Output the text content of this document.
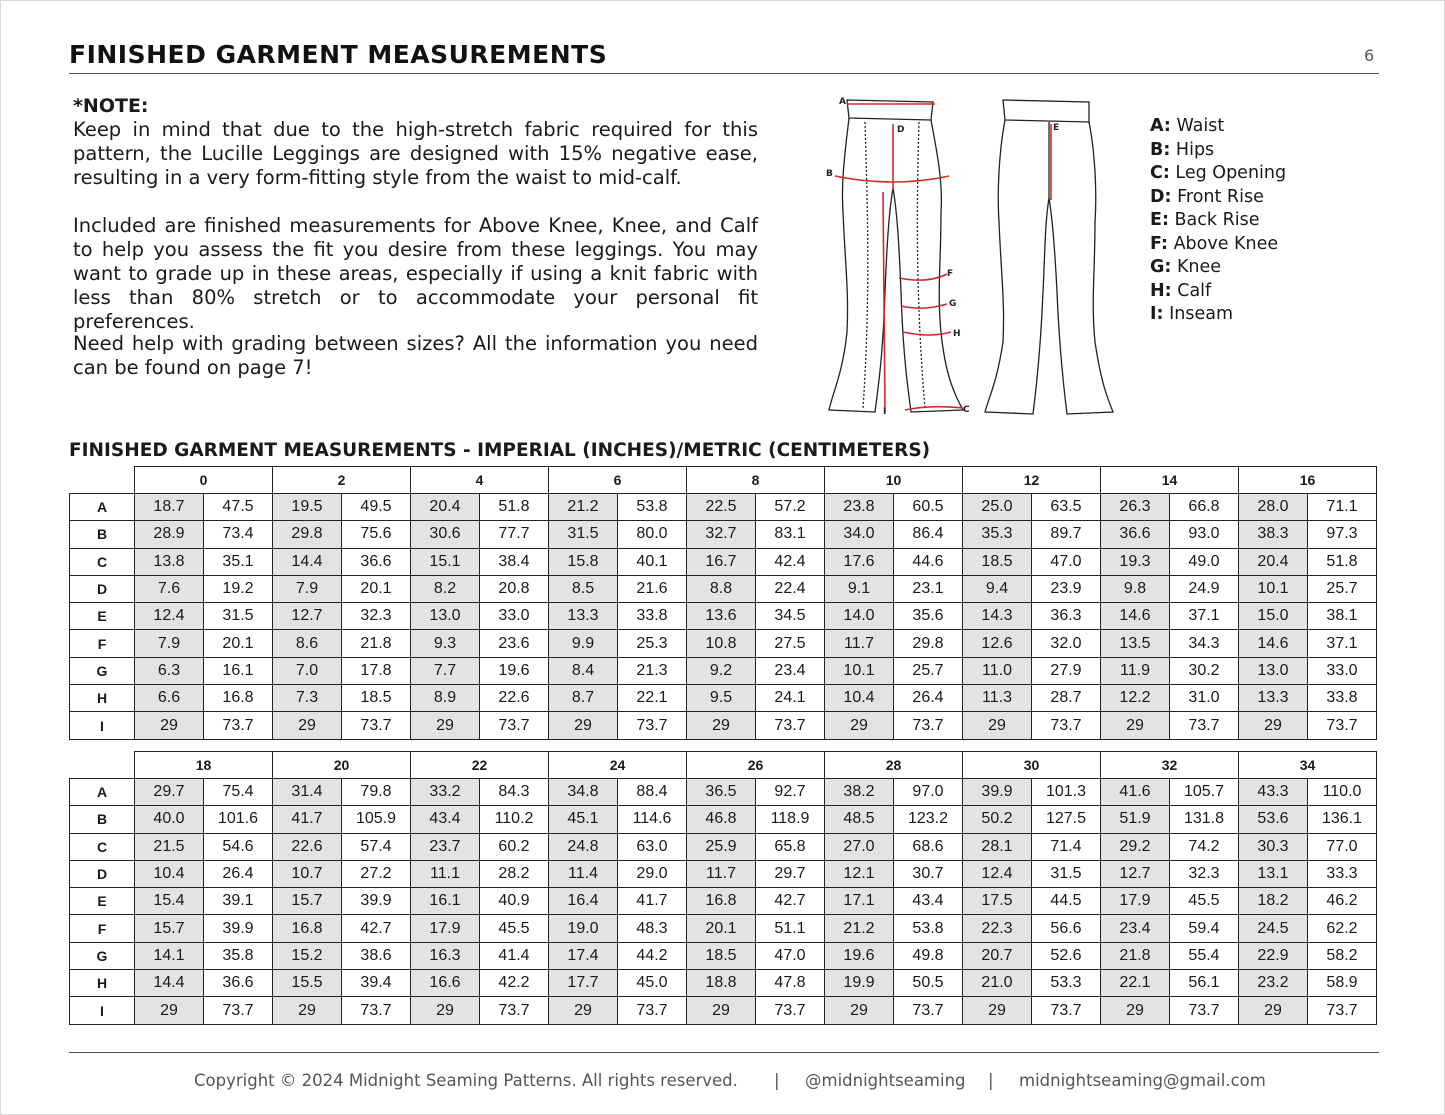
FINISHED GARMENT MEASUREMENTS	6
*NOTE:
Keep in mind that due to the high-stretch fabric required for this pattern, the Lucille Leggings are designed with 15% negative ease, resulting in a very form-fitting style from the waist to mid-calf.
Included are finished measurements for Above Knee, Knee, and Calf to help you assess the fit you desire from these leggings. You may want to grade up in these areas, especially if using a knit fabric with less than 80% stretch or to accommodate your personal fit preferences.
Need help with grading between sizes? All the information you need can be found on page 7!
A
B
C
D	E
F
G
H
I
A: Waist
B: Hips
C: Leg Opening
D: Front Rise
E: Back Rise
F: Above Knee
G: Knee
H: Calf
I: Inseam
FINISHED GARMENT MEASUREMENTS - IMPERIAL (INCHES)/METRIC (CENTIMETERS)
	0		2		4		6		8		10		12		14		16	
A	18.7	47.5	19.5	49.5	20.4	51.8	21.2	53.8	22.5	57.2	23.8	60.5	25.0	63.5	26.3	66.8	28.0	71.1
B	28.9	73.4	29.8	75.6	30.6	77.7	31.5	80.0	32.7	83.1	34.0	86.4	35.3	89.7	36.6	93.0	38.3	97.3
C	13.8	35.1	14.4	36.6	15.1	38.4	15.8	40.1	16.7	42.4	17.6	44.6	18.5	47.0	19.3	49.0	20.4	51.8
D	7.6	19.2	7.9	20.1	8.2	20.8	8.5	21.6	8.8	22.4	9.1	23.1	9.4	23.9	9.8	24.9	10.1	25.7
E	12.4	31.5	12.7	32.3	13.0	33.0	13.3	33.8	13.6	34.5	14.0	35.6	14.3	36.3	14.6	37.1	15.0	38.1
F	7.9	20.1	8.6	21.8	9.3	23.6	9.9	25.3	10.8	27.5	11.7	29.8	12.6	32.0	13.5	34.3	14.6	37.1
G	6.3	16.1	7.0	17.8	7.7	19.6	8.4	21.3	9.2	23.4	10.1	25.7	11.0	27.9	11.9	30.2	13.0	33.0
H	6.6	16.8	7.3	18.5	8.9	22.6	8.7	22.1	9.5	24.1	10.4	26.4	11.3	28.7	12.2	31.0	13.3	33.8
I	29	73.7	29	73.7	29	73.7	29	73.7	29	73.7	29	73.7	29	73.7	29	73.7	29	73.7
	18		20		22		24		26		28		30		32		34	
A	29.7	75.4	31.4	79.8	33.2	84.3	34.8	88.4	36.5	92.7	38.2	97.0	39.9	101.3	41.6	105.7	43.3	110.0
B	40.0	101.6	41.7	105.9	43.4	110.2	45.1	114.6	46.8	118.9	48.5	123.2	50.2	127.5	51.9	131.8	53.6	136.1
C	21.5	54.6	22.6	57.4	23.7	60.2	24.8	63.0	25.9	65.8	27.0	68.6	28.1	71.4	29.2	74.2	30.3	77.0
D	10.4	26.4	10.7	27.2	11.1	28.2	11.4	29.0	11.7	29.7	12.1	30.7	12.4	31.5	12.7	32.3	13.1	33.3
E	15.4	39.1	15.7	39.9	16.1	40.9	16.4	41.7	16.8	42.7	17.1	43.4	17.5	44.5	17.9	45.5	18.2	46.2
F	15.7	39.9	16.8	42.7	17.9	45.5	19.0	48.3	20.1	51.1	21.2	53.8	22.3	56.6	23.4	59.4	24.5	62.2
G	14.1	35.8	15.2	38.6	16.3	41.4	17.4	44.2	18.5	47.0	19.6	49.8	20.7	52.6	21.8	55.4	22.9	58.2
H	14.4	36.6	15.5	39.4	16.6	42.2	17.7	45.0	18.8	47.8	19.9	50.5	21.0	53.3	22.1	56.1	23.2	58.9
I	29	73.7	29	73.7	29	73.7	29	73.7	29	73.7	29	73.7	29	73.7	29	73.7	29	73.7
Copyright © 2024 Midnight Seaming Patterns. All rights reserved. | @midnightseaming | midnightseaming@gmail.com
